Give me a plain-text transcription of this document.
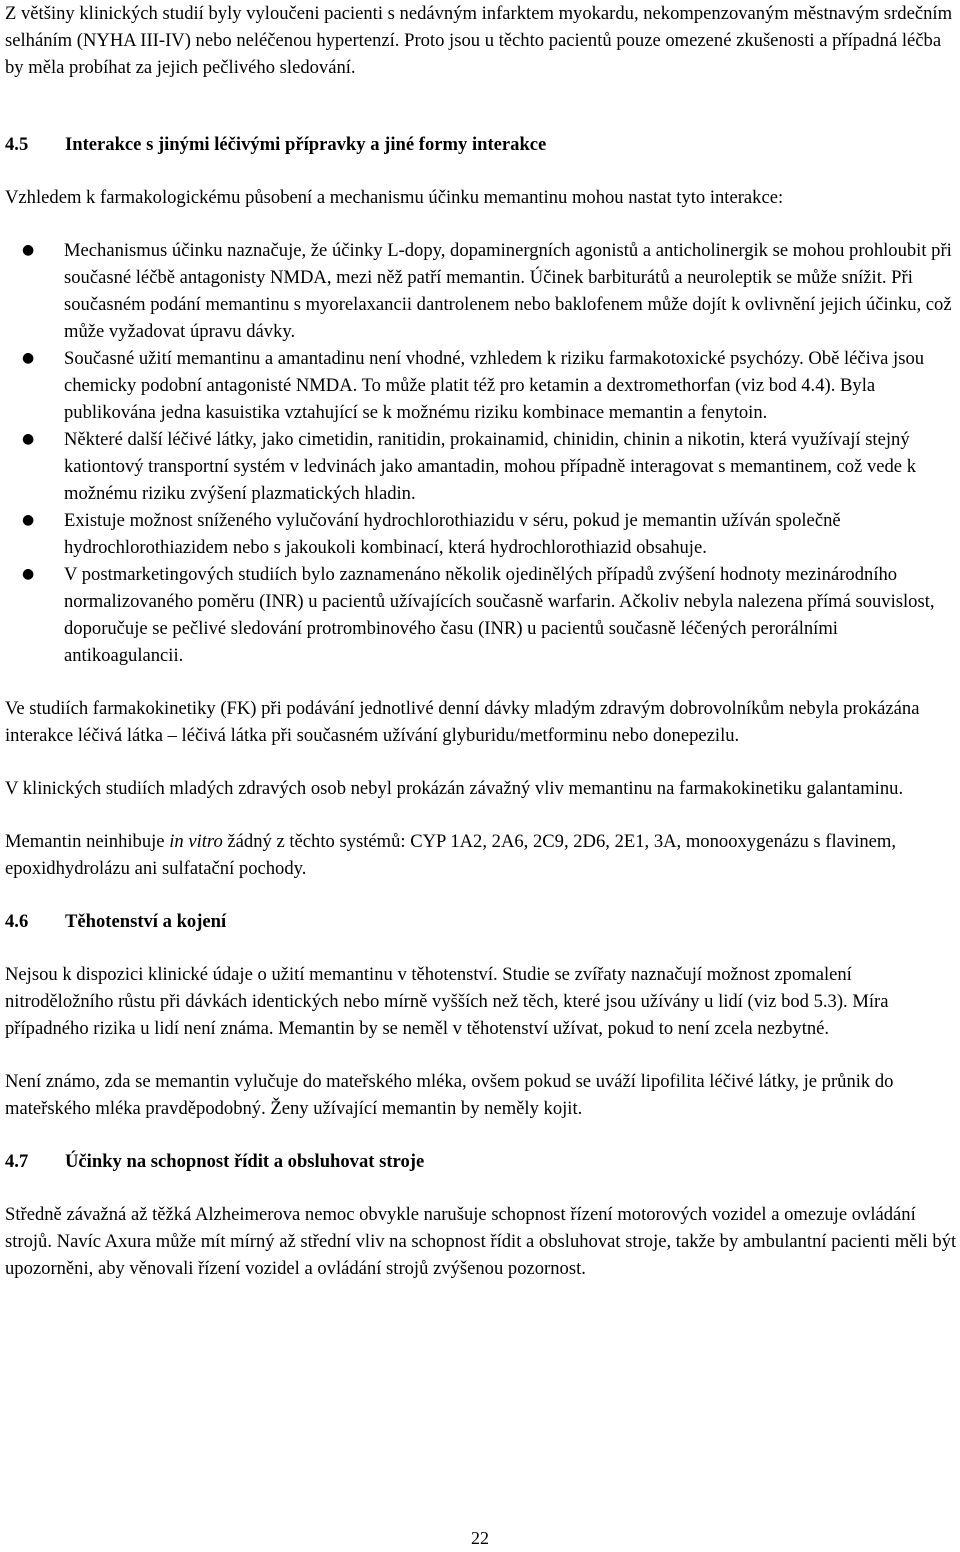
Z většiny klinických studií byly vyloučeni pacienti s nedávným infarktem myokardu, nekompenzovaným městnavým srdečním selháním (NYHA III-IV) nebo neléčenou hypertenzí. Proto jsou u těchto pacientů pouze omezené zkušenosti a případná léčba by měla probíhat za jejich pečlivého sledování.

4.5	Interakce s jinými léčivými přípravky a jiné formy interakce

Vzhledem k farmakologickému působení a mechanismu účinku memantinu mohou nastat tyto interakce:

● Mechanismus účinku naznačuje, že účinky L-dopy, dopaminergních agonistů a anticholinergik se mohou prohloubit při současné léčbě antagonisty NMDA, mezi něž patří memantin. Účinek barbiturátů a neuroleptik se může snížit. Při současném podání memantinu s myorelaxancii dantrolenem nebo baklofenem může dojít k ovlivnění jejich účinku, což může vyžadovat úpravu dávky.
● Současné užití memantinu a amantadinu není vhodné, vzhledem k riziku farmakotoxické psychózy. Obě léčiva jsou chemicky podobní antagonisté NMDA. To může platit též pro ketamin a dextromethorfan (viz bod 4.4). Byla publikována jedna kasuistika vztahující se k možnému riziku kombinace memantin a fenytoin.
● Některé další léčivé látky, jako cimetidin, ranitidin, prokainamid, chinidin, chinin a nikotin, která využívají stejný kationtový transportní systém v ledvinách jako amantadin, mohou případně interagovat s memantinem, což vede k možnému riziku zvýšení plazmatických hladin.
● Existuje možnost sníženého vylučování hydrochlorothiazidu v séru, pokud je memantin užíván společně hydrochlorothiazidem nebo s jakoukoli kombinací, která hydrochlorothiazid obsahuje.
● V postmarketingových studiích bylo zaznamenáno několik ojedinělých případů zvýšení hodnoty mezinárodního normalizovaného poměru (INR) u pacientů užívajících současně warfarin. Ačkoliv nebyla nalezena přímá souvislost, doporučuje se pečlivé sledování protrombinového času (INR) u pacientů současně léčených perorálními antikoagulancii.

Ve studiích farmakokinetiky (FK) při podávání jednotlivé denní dávky mladým zdravým dobrovolníkům nebyla prokázána interakce léčivá látka – léčivá látka při současném užívání glyburidu/metforminu nebo donepezilu.

V klinických studiích mladých zdravých osob nebyl prokázán závažný vliv memantinu na farmakokinetiku galantaminu.

Memantin neinhibuje in vitro žádný z těchto systémů: CYP 1A2, 2A6, 2C9, 2D6, 2E1, 3A, monooxygenázu s flavinem, epoxidhydrolázu ani sulfatační pochody.

4.6	Těhotenství a kojení

Nejsou k dispozici klinické údaje o užití memantinu v těhotenství. Studie se zvířaty naznačují možnost zpomalení nitroděložního růstu při dávkách identických nebo mírně vyšších než těch, které jsou užívány u lidí (viz bod 5.3). Míra případného rizika u lidí není známa. Memantin by se neměl v těhotenství užívat, pokud to není zcela nezbytné.

Není známo, zda se memantin vylučuje do mateřského mléka, ovšem pokud se uváží lipofilita léčivé látky, je průnik do mateřského mléka pravděpodobný. Ženy užívající memantin by neměly kojit.

4.7	Účinky na schopnost řídit a obsluhovat stroje

Středně závažná až těžká Alzheimerova nemoc obvykle narušuje schopnost řízení motorových vozidel a omezuje ovládání strojů. Navíc Axura může mít mírný až střední vliv na schopnost řídit a obsluhovat stroje, takže by ambulantní pacienti měli být upozorněni, aby věnovali řízení vozidel a ovládání strojů zvýšenou pozornost.

22
